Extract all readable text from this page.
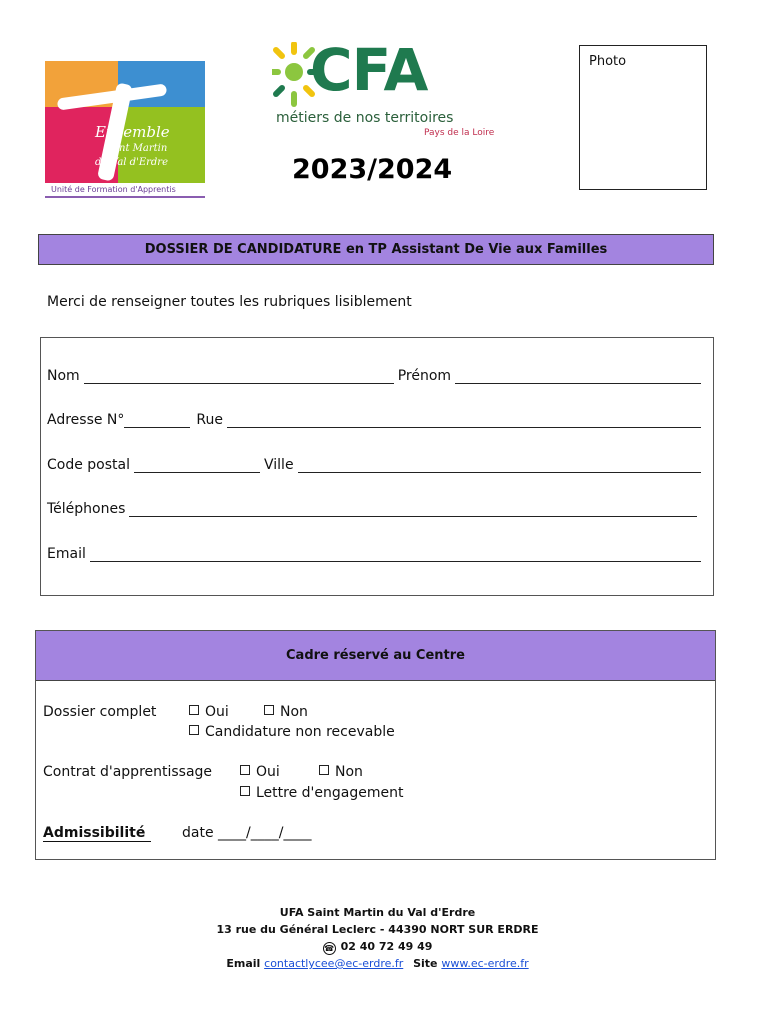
Ensemble
Saint Martin
du Val d'Erdre
Unité de Formation d'Apprentis
CFA
métiers de nos territoires
Pays de la Loire
2023/2024
Photo
DOSSIER DE CANDIDATURE en TP Assistant De Vie aux Familles
Merci de renseigner toutes les rubriques lisiblement
Nom	Prénom
Adresse N°	Rue
Code postal	Ville
Téléphones
Email
Cadre réservé au Centre
Dossier complet	Oui	Non
Candidature non recevable
Contrat d'apprentissage	Oui	Non
Lettre d'engagement
Admissibilité	date ____/____/____
UFA Saint Martin du Val d'Erdre
13 rue du Général Leclerc - 44390 NORT SUR ERDRE
☎ 02 40 72 49 49
Email contactlycee@ec-erdre.fr Site www.ec-erdre.fr
